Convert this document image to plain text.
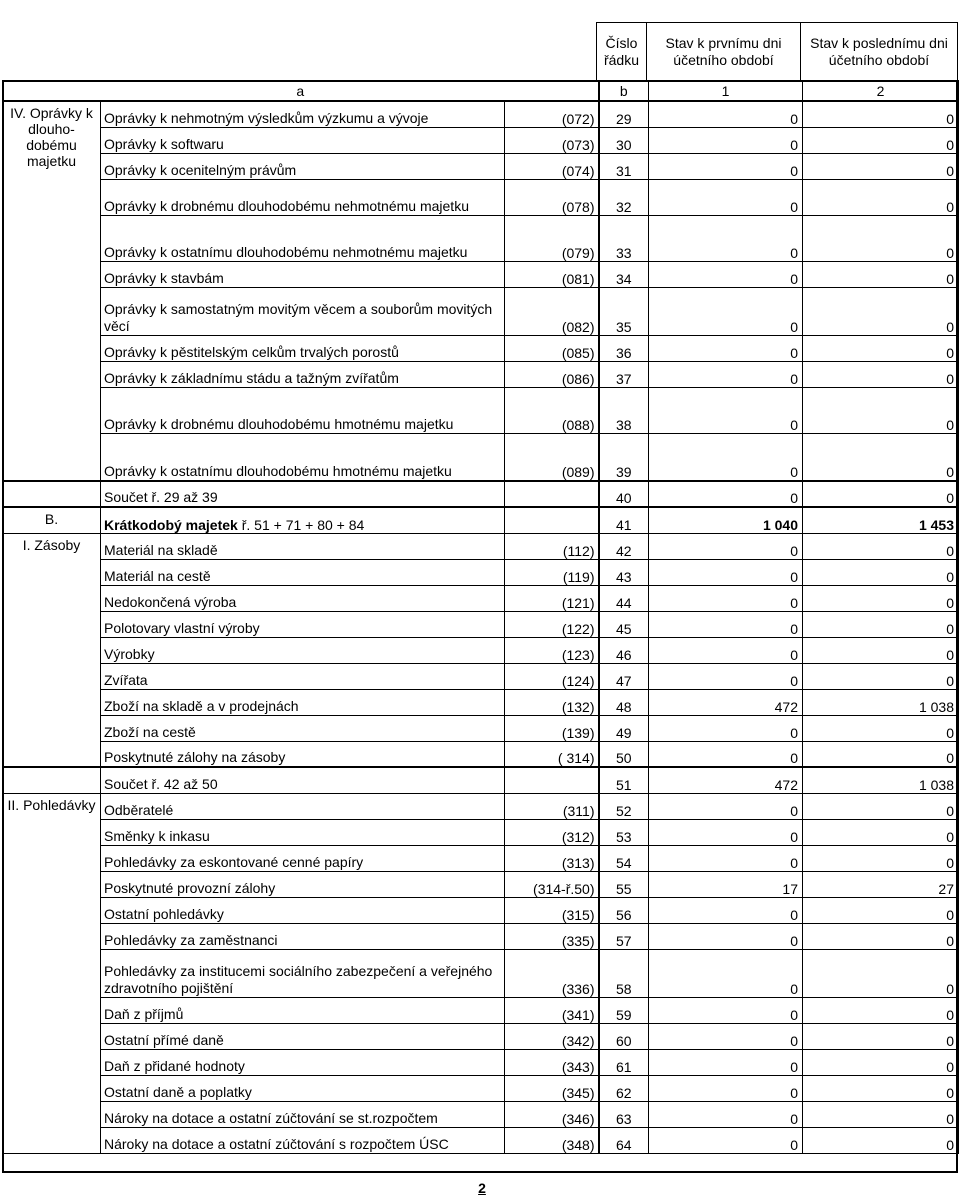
Číslo řádku
Stav k prvnímu dni účetního období
Stav k poslednímu dni účetního období
a			b	1	2
IV. Oprávky k dlouho-dobému majetku	Oprávky k nehmotným výsledkům výzkumu a vývoje	(072)	29	0	0

	Oprávky k softwaru	(073)	30	0	0

	Oprávky k ocenitelným právům	(074)	31	0	0

	Oprávky k drobnému dlouhodobému nehmotnému majetku	(078)	32	0	0

	Oprávky k ostatnímu dlouhodobému nehmotnému majetku	(079)	33	0	0

	Oprávky k stavbám	(081)	34	0	0

	Oprávky k samostatným movitým věcem a souborům movitých věcí	(082)	35	0	0

	Oprávky k pěstitelským celkům trvalých porostů	(085)	36	0	0

	Oprávky k základnímu stádu a tažným zvířatům	(086)	37	0	0

	Oprávky k drobnému dlouhodobému hmotnému majetku	(088)	38	0	0

	Oprávky k ostatnímu dlouhodobému hmotnému majetku	(089)	39	0	0

	Součet ř. 29 až 39		40	0	0
B.	Krátkodobý majetek ř. 51 + 71 + 80 + 84		41	1 040	1 453
I. Zásoby	Materiál na skladě	(112)	42	0	0

	Materiál na cestě	(119)	43	0	0

	Nedokončená výroba	(121)	44	0	0

	Polotovary vlastní výroby	(122)	45	0	0

	Výrobky	(123)	46	0	0

	Zvířata	(124)	47	0	0

	Zboží na skladě a v prodejnách	(132)	48	472	1 038

	Zboží na cestě	(139)	49	0	0

	Poskytnuté zálohy na zásoby	( 314)	50	0	0

	Součet ř. 42 až 50		51	472	1 038
II. Pohledávky	Odběratelé	(311)	52	0	0

	Směnky k inkasu	(312)	53	0	0

	Pohledávky za eskontované cenné papíry	(313)	54	0	0

	Poskytnuté provozní zálohy	(314-ř.50)	55	17	27

	Ostatní pohledávky	(315)	56	0	0

	Pohledávky za zaměstnanci	(335)	57	0	0

	Pohledávky za institucemi sociálního zabezpečení a veřejného zdravotního pojištění	(336)	58	0	0

	Daň z příjmů	(341)	59	0	0

	Ostatní přímé daně	(342)	60	0	0

	Daň z přidané hodnoty	(343)	61	0	0

	Ostatní daně a poplatky	(345)	62	0	0

	Nároky na dotace a ostatní zúčtování se st.rozpočtem	(346)	63	0	0

	Nároky na dotace a ostatní zúčtování s rozpočtem ÚSC	(348)	64	0	0
2
